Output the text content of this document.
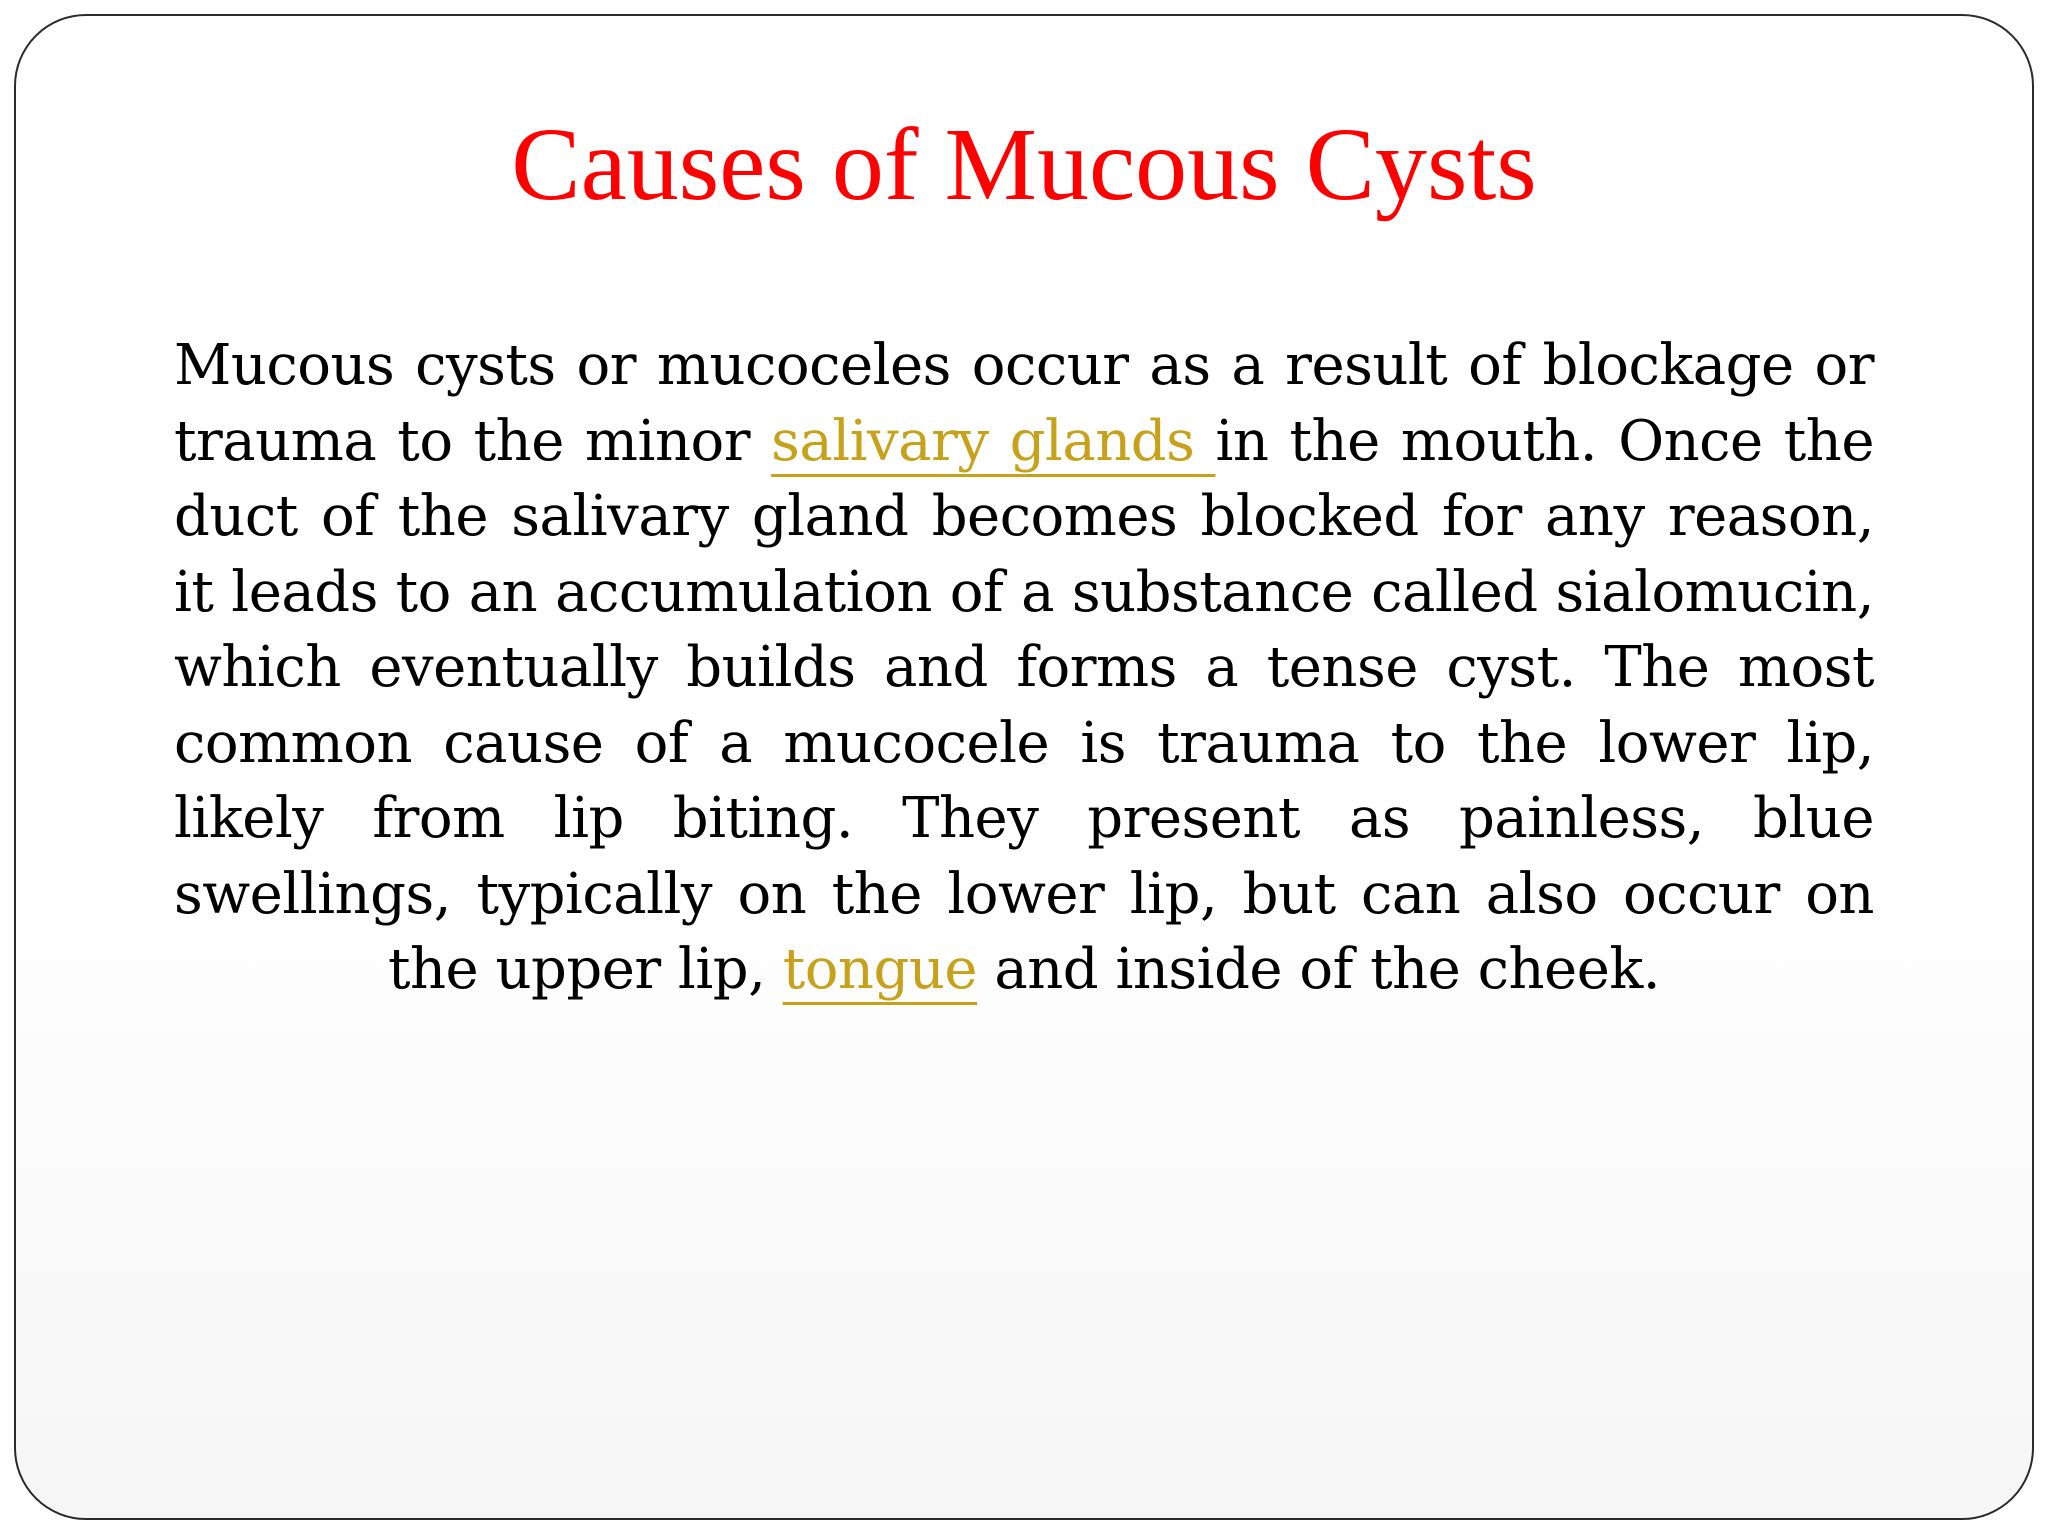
Causes of Mucous Cysts

Mucous cysts or mucoceles occur as a result of blockage or trauma to the minor salivary glands in the mouth. Once the duct of the salivary gland becomes blocked for any reason, it leads to an accumulation of a substance called sialomucin, which eventually builds and forms a tense cyst. The most common cause of a mucocele is trauma to the lower lip, likely from lip biting. They present as painless, blue swellings, typically on the lower lip, but can also occur on the upper lip, tongue and inside of the cheek.
